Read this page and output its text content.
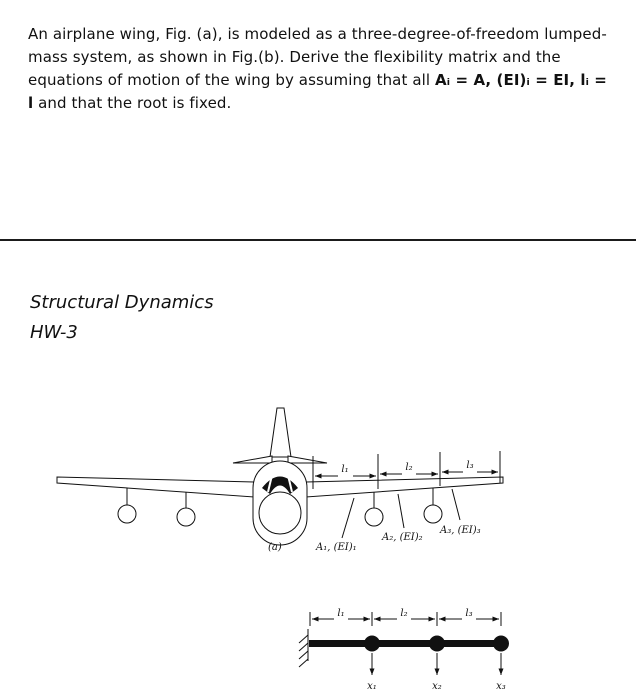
An airplane wing, Fig. (a), is modeled as a three-degree-of-freedom lumped-mass system, as shown in Fig.(b). Derive the flexibility matrix and the equations of motion of the wing by assuming that all Aᵢ = A, (EI)ᵢ = EI, lᵢ = l and that the root is fixed.

Structural Dynamics
HW-3
l₁	l₂	l₃
A₁, (EI)₁
A₂, (EI)₂
A₃, (EI)₃
(a)
l₁	l₂	l₃
x₁	x₂	x₃
